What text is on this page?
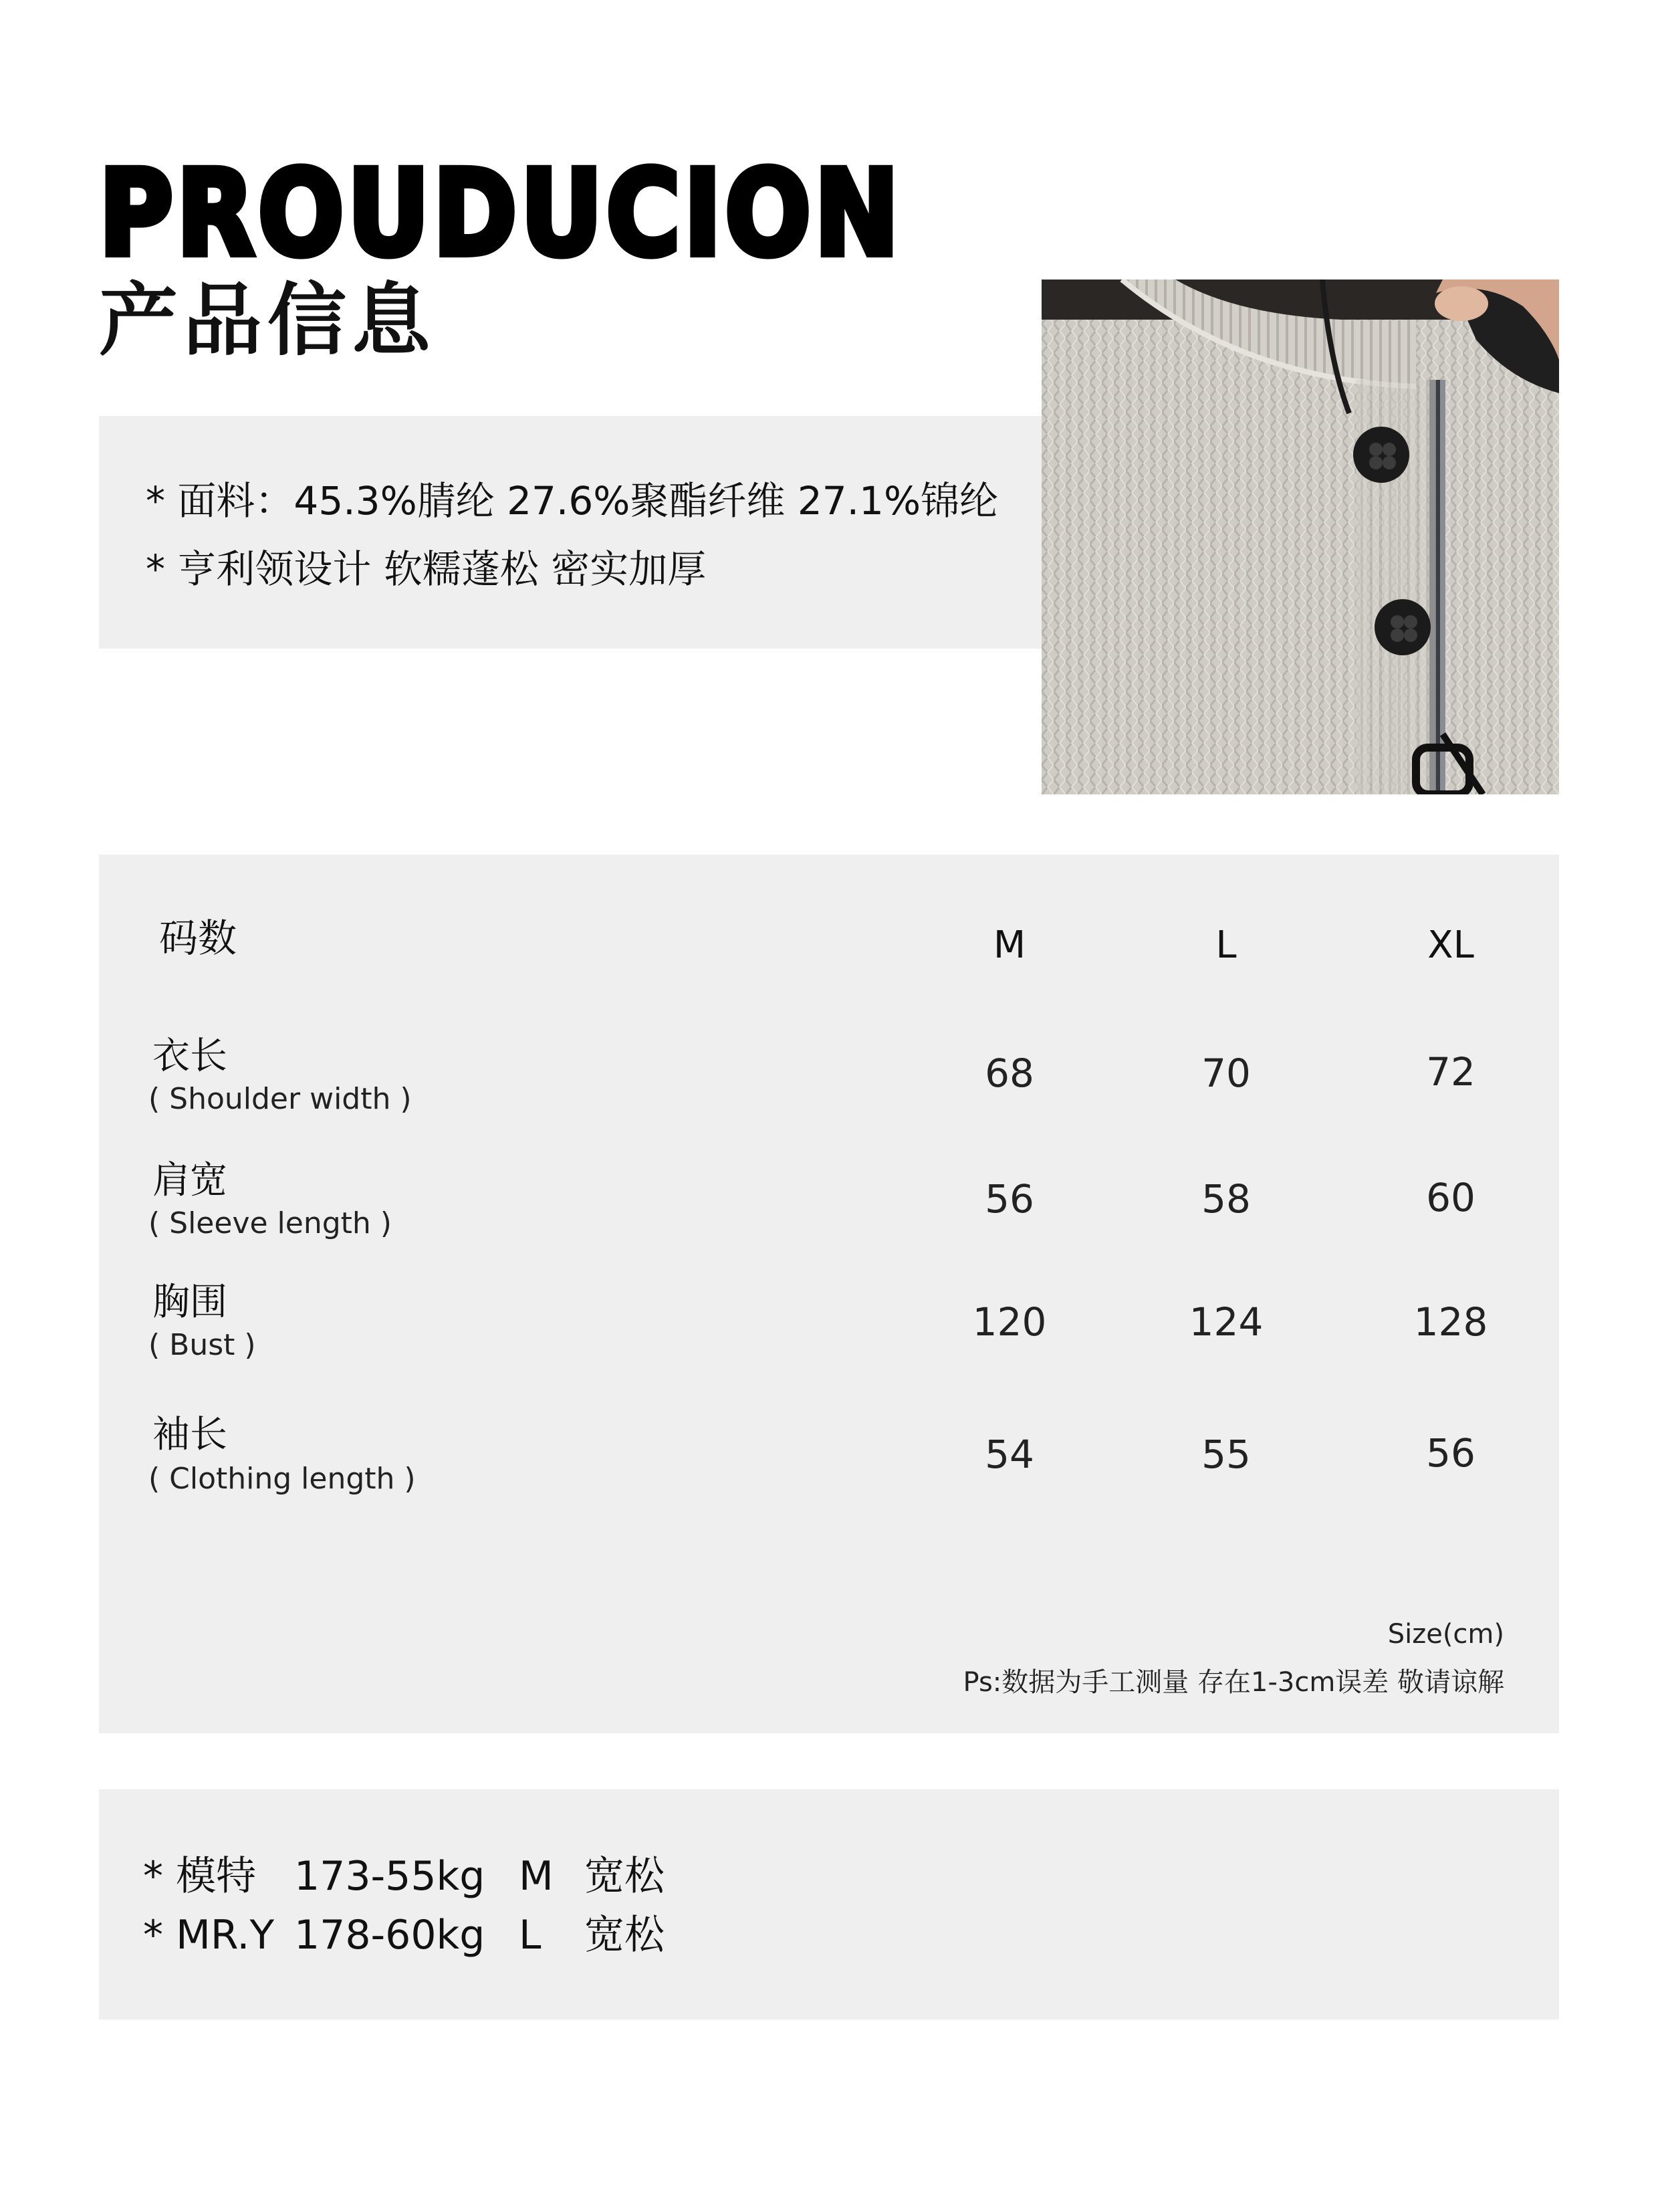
PROUDUCION
产品信息

* 面料：45.3%腈纶 27.6%聚酯纤维 27.1%锦纶

* 亨利领设计 软糯蓬松 密实加厚

码数	M	L	XL

衣长

( Shoulder width )

68	70	72

肩宽

( Sleeve length )

56	58	60

胸围

( Bust )

120	124	128

袖长

( Clothing length )

54	55	56

Size(cm)

Ps:数据为手工测量 存在1-3cm误差 敬请谅解

* 模特 173-55kg M 宽松

* MR.Y 178-60kg L 宽松
